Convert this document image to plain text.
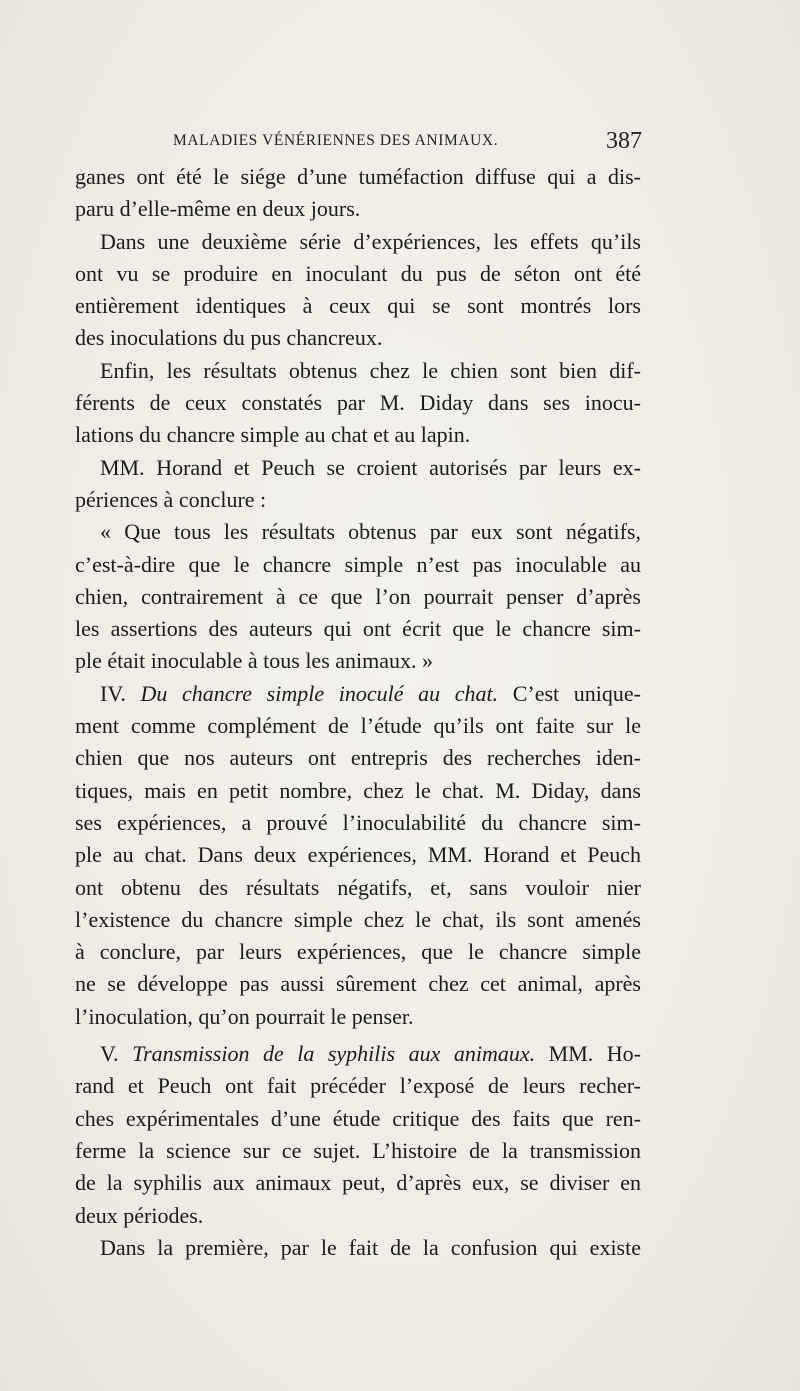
MALADIES VÉNÉRIENNES DES ANIMAUX.	387
ganes ont été le siége d’une tuméfaction diffuse qui a dis-
paru d’elle-même en deux jours.
Dans une deuxième série d’expériences, les effets qu’ils
ont vu se produire en inoculant du pus de séton ont été
entièrement identiques à ceux qui se sont montrés lors
des inoculations du pus chancreux.
Enfin, les résultats obtenus chez le chien sont bien dif-
férents de ceux constatés par M. Diday dans ses inocu-
lations du chancre simple au chat et au lapin.
MM. Horand et Peuch se croient autorisés par leurs ex-
périences à conclure :
« Que tous les résultats obtenus par eux sont négatifs,
c’est-à-dire que le chancre simple n’est pas inoculable au
chien, contrairement à ce que l’on pourrait penser d’après
les assertions des auteurs qui ont écrit que le chancre sim-
ple était inoculable à tous les animaux. »
IV. Du chancre simple inoculé au chat. C’est unique-
ment comme complément de l’étude qu’ils ont faite sur le
chien que nos auteurs ont entrepris des recherches iden-
tiques, mais en petit nombre, chez le chat. M. Diday, dans
ses expériences, a prouvé l’inoculabilité du chancre sim-
ple au chat. Dans deux expériences, MM. Horand et Peuch
ont obtenu des résultats négatifs, et, sans vouloir nier
l’existence du chancre simple chez le chat, ils sont amenés
à conclure, par leurs expériences, que le chancre simple
ne se développe pas aussi sûrement chez cet animal, après
l’inoculation, qu’on pourrait le penser.
V. Transmission de la syphilis aux animaux. MM. Ho-
rand et Peuch ont fait précéder l’exposé de leurs recher-
ches expérimentales d’une étude critique des faits que ren-
ferme la science sur ce sujet. L’histoire de la transmission
de la syphilis aux animaux peut, d’après eux, se diviser en
deux périodes.
Dans la première, par le fait de la confusion qui existe
